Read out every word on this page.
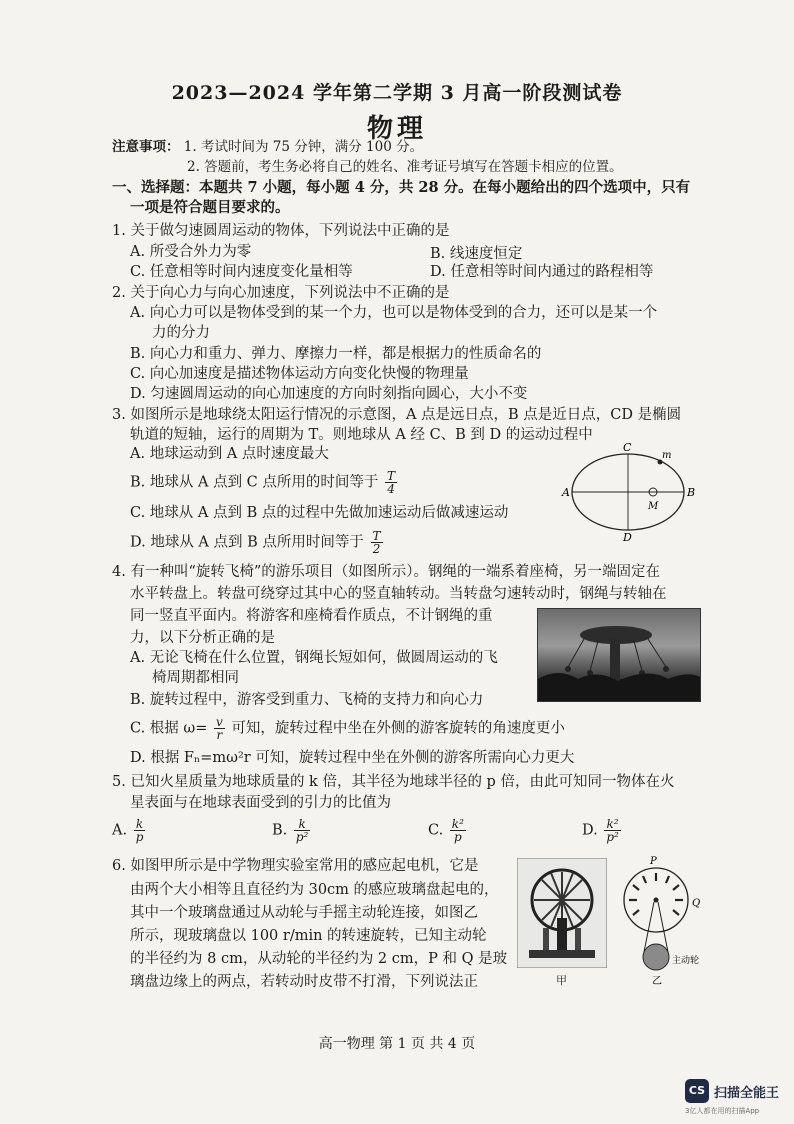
2023—2024 学年第二学期 3 月高一阶段测试卷
物理
注意事项： 1. 考试时间为 75 分钟，满分 100 分。
2. 答题前，考生务必将自己的姓名、准考证号填写在答题卡相应的位置。
一、选择题：本题共 7 小题，每小题 4 分，共 28 分。在每小题给出的四个选项中，只有
一项是符合题目要求的。
1. 关于做匀速圆周运动的物体，下列说法中正确的是
A. 所受合外力为零	B. 线速度恒定
C. 任意相等时间内速度变化量相等	D. 任意相等时间内通过的路程相等
2. 关于向心力与向心加速度，下列说法中不正确的是
A. 向心力可以是物体受到的某一个力，也可以是物体受到的合力，还可以是某一个
力的分力
B. 向心力和重力、弹力、摩擦力一样，都是根据力的性质命名的
C. 向心加速度是描述物体运动方向变化快慢的物理量
D. 匀速圆周运动的向心加速度的方向时刻指向圆心，大小不变
3. 如图所示是地球绕太阳运行情况的示意图，A 点是远日点，B 点是近日点，CD 是椭圆
轨道的短轴，运行的周期为 T。则地球从 A 经 C、B 到 D 的运动过程中
A. 地球运动到 A 点时速度最大
B. 地球从 A 点到 C 点所用的时间等于 $\frac{T}{4}$
C. 地球从 A 点到 B 点的过程中先做加速运动后做减速运动
D. 地球从 A 点到 B 点所用时间等于 $\frac{T}{2}$
A	B
C
D
M
m
4. 有一种叫“旋转飞椅”的游乐项目（如图所示）。钢绳的一端系着座椅，另一端固定在
水平转盘上。转盘可绕穿过其中心的竖直轴转动。当转盘匀速转动时，钢绳与转轴在
同一竖直平面内。将游客和座椅看作质点，不计钢绳的重
力，以下分析正确的是
A. 无论飞椅在什么位置，钢绳长短如何，做圆周运动的飞
椅周期都相同
B. 旋转过程中，游客受到重力、飞椅的支持力和向心力
C. 根据 $\omega= \frac{v}{r}$ 可知，旋转过程中坐在外侧的游客旋转的角速度更小
D. 根据 Fₙ=mω²r 可知，旋转过程中坐在外侧的游客所需向心力更大
5. 已知火星质量为地球质量的 k 倍，其半径为地球半径的 p 倍，由此可知同一物体在火
星表面与在地球表面受到的引力的比值为
A. $\frac{k}{p}$	B. $\frac{k}{\text{p²}}$	C. $\frac{\text{k²}}{p}$	D. $\frac{\text{k²}}{\text{p²}}$
6. 如图甲所示是中学物理实验室常用的感应起电机，它是
由两个大小相等且直径约为 30cm 的感应玻璃盘起电的，
其中一个玻璃盘通过从动轮与手摇主动轮连接，如图乙
所示，现玻璃盘以 100 r/min 的转速旋转，已知主动轮
的半径约为 8 cm，从动轮的半径约为 2 cm，P 和 Q 是玻
璃盘边缘上的两点，若转动时皮带不打滑，下列说法正	甲
P
Q
主动轮
乙
高一物理 第 1 页 共 4 页
CS 扫描全能王
3亿人都在用的扫描App
